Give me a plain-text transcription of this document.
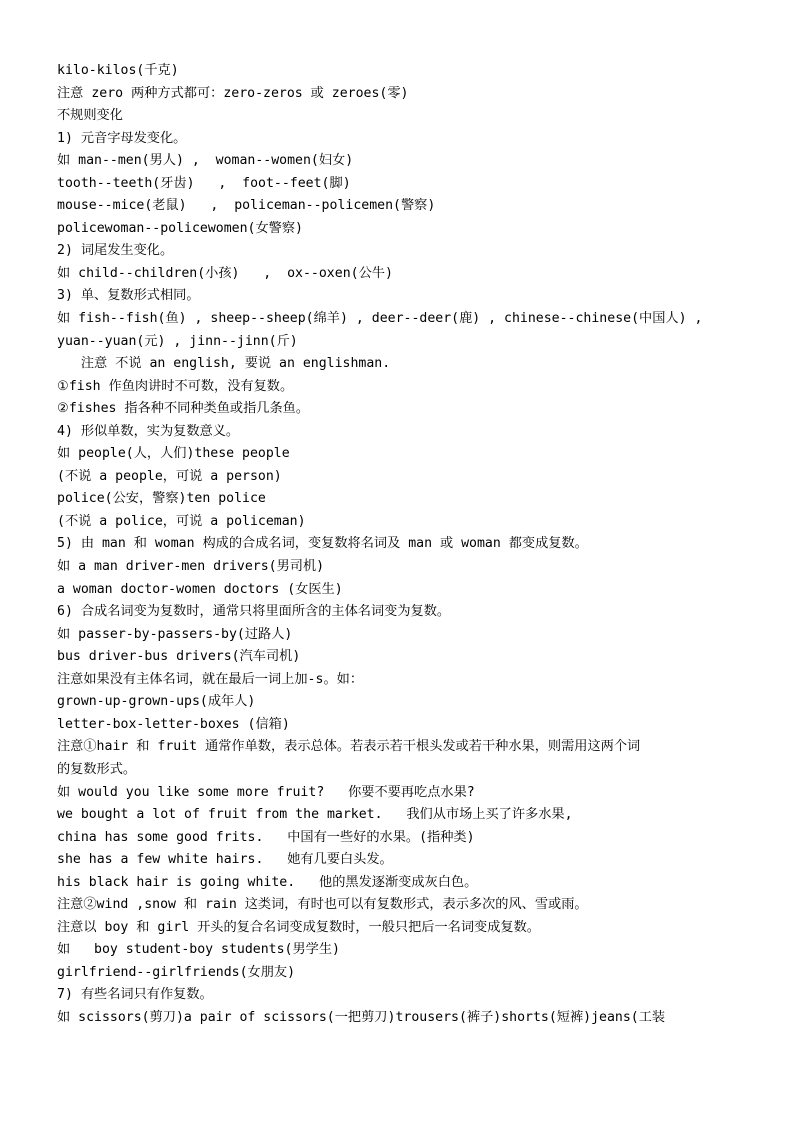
kilo-kilos(千克)
注意 zero 两种方式都可：zero-zeros 或 zeroes(零)
不规则变化
1) 元音字母发变化。
如 man--men(男人) ,  woman--women(妇女)
tooth--teeth(牙齿)   ,  foot--feet(脚)
mouse--mice(老鼠)   ,  policeman--policemen(警察)
policewoman--policewomen(女警察)
2) 词尾发生变化。
如 child--children(小孩)   ,  ox--oxen(公牛)
3) 单、复数形式相同。
如 fish--fish(鱼) , sheep--sheep(绵羊) , deer--deer(鹿) , chinese--chinese(中国人) ,
yuan--yuan(元) , jinn--jinn(斤)
注意 不说 an english, 要说 an englishman.
①fish 作鱼肉讲时不可数，没有复数。
②fishes 指各种不同种类鱼或指几条鱼。
4) 形似单数，实为复数意义。
如 people(人，人们)these people
(不说 a people，可说 a person)
police(公安，警察)ten police
(不说 a police，可说 a policeman)
5) 由 man 和 woman 构成的合成名词，变复数将名词及 man 或 woman 都变成复数。
如 a man driver-men drivers(男司机)
a woman doctor-women doctors (女医生)
6) 合成名词变为复数时，通常只将里面所含的主体名词变为复数。
如 passer-by-passers-by(过路人)
bus driver-bus drivers(汽车司机)
注意如果没有主体名词，就在最后一词上加-s。如：
grown-up-grown-ups(成年人)
letter-box-letter-boxes (信箱)
注意①hair 和 fruit 通常作单数，表示总体。若表示若干根头发或若干种水果，则需用这两个词
的复数形式。
如 would you like some more fruit?   你要不要再吃点水果?
we bought a lot of fruit from the market.   我们从市场上买了许多水果,
china has some good frits.   中国有一些好的水果。(指种类)
she has a few white hairs.   她有几要白头发。
his black hair is going white.   他的黑发逐渐变成灰白色。
注意②wind ,snow 和 rain 这类词，有时也可以有复数形式，表示多次的风、雪或雨。
注意以 boy 和 girl 开头的复合名词变成复数时，一般只把后一名词变成复数。
如   boy student-boy students(男学生)
girlfriend--girlfriends(女朋友)
7) 有些名词只有作复数。
如 scissors(剪刀)a pair of scissors(一把剪刀)trousers(裤子)shorts(短裤)jeans(工装
